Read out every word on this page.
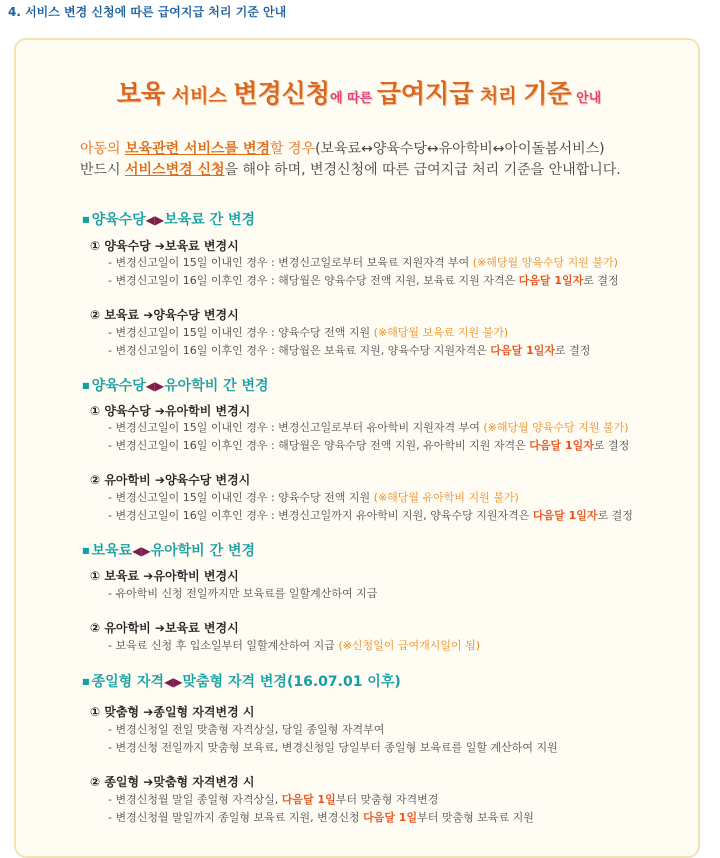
4. 서비스 변경 신청에 따른 급여지급 처리 기준 안내
보육 서비스 변경신청에 따른 급여지급 처리 기준 안내
아동의 보육관련 서비스를 변경할 경우(보육료↔양육수당↔유아학비↔아이돌봄서비스)
반드시 서비스변경 신청을 해야 하며, 변경신청에 따른 급여지급 처리 기준을 안내합니다.
■ 양육수당◀▶보육료 간 변경
① 양육수당 ➔보육료 변경시
- 변경신고일이 15일 이내인 경우 : 변경신고일로부터 보육료 지원자격 부여 (※해당월 양육수당 지원 불가)
- 변경신고일이 16일 이후인 경우 : 해당월은 양육수당 전액 지원, 보육료 지원 자격은 다음달 1일자로 결정
② 보육료 ➔양육수당 변경시
- 변경신고일이 15일 이내인 경우 : 양육수당 전액 지원 (※해당월 보육료 지원 불가)
- 변경신고일이 16일 이후인 경우 : 해당월은 보육료 지원, 양육수당 지원자격은 다음달 1일자로 결정
■ 양육수당◀▶유아학비 간 변경
① 양육수당 ➔유아학비 변경시
- 변경신고일이 15일 이내인 경우 : 변경신고일로부터 유아학비 지원자격 부여 (※해당월 양육수당 지원 불가)
- 변경신고일이 16일 이후인 경우 : 해당월은 양육수당 전액 지원, 유아학비 지원 자격은 다음달 1일자로 결정
② 유아학비 ➔양육수당 변경시
- 변경신고일이 15일 이내인 경우 : 양육수당 전액 지원 (※해당월 유아학비 지원 불가)
- 변경신고일이 16일 이후인 경우 : 변경신고일까지 유아학비 지원, 양육수당 지원자격은 다음달 1일자로 결정
■ 보육료◀▶유아학비 간 변경
① 보육료 ➔유아학비 변경시
- 유아학비 신청 전일까지만 보육료를 일할계산하여 지급
② 유아학비 ➔보육료 변경시
- 보육료 신청 후 입소일부터 일할계산하여 지급 (※신청일이 급여개시일이 됨)
■ 종일형 자격◀▶맞춤형 자격 변경(16.07.01 이후)
① 맞춤형 ➔종일형 자격변경 시
- 변경신청일 전일 맞춤형 자격상실, 당일 종일형 자격부여
- 변경신청 전일까지 맞춤형 보육료, 변경신청일 당일부터 종일형 보육료를 일할 계산하여 지원
② 종일형 ➔맞춤형 자격변경 시
- 변경신청월 말일 종일형 자격상실, 다음달 1일부터 맞춤형 자격변경
- 변경신청월 말일까지 종일형 보육료 지원, 변경신청 다음달 1일부터 맞춤형 보육료 지원
